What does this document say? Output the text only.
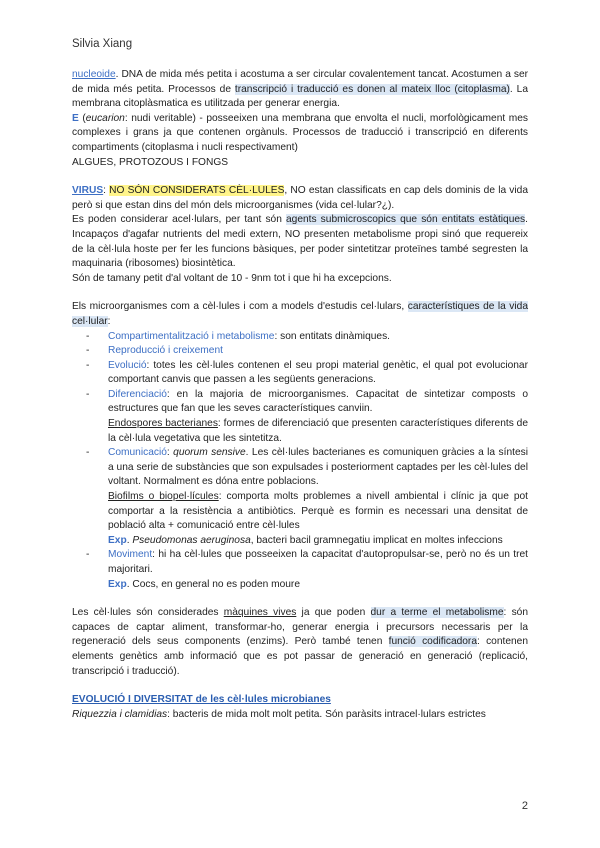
Silvia Xiang

nucleoide. DNA de mida més petita i acostuma a ser circular covalentement tancat. Acostumen a ser de mida més petita. Processos de transcripció i traducció es donen al mateix lloc (citoplasma). La membrana citoplàsmatica es utilitzada per generar energia.

E (eucarion: nudi veritable) - posseeixen una membrana que envolta el nucli, morfològicament mes complexes i grans ja que contenen orgànuls. Processos de traducció i transcripció en diferents compartiments (citoplasma i nucli respectivament)

ALGUES, PROTOZOUS I FONGS

VIRUS: NO SÓN CONSIDERATS CÈL·LULES, NO estan classificats en cap dels dominis de la vida però si que estan dins del món dels microorganismes (vida cel·lular?¿).

Es poden considerar acel·lulars, per tant són agents submicroscopics que són entitats estàtiques. Incapaços d'agafar nutrients del medi extern, NO presenten metabolisme propi sinó que requereix de la cèl·lula hoste per fer les funcions bàsiques, per poder sintetitzar proteïnes també segresten la maquinaria (ribosomes) biosintètica.

Són de tamany petit d'al voltant de 10 - 9nm tot i que hi ha excepcions.

Els microorganismes com a cèl·lules i com a models d'estudis cel·lulars, característiques de la vida cel·lular:

- Compartimentalització i metabolisme: son entitats dinàmiques.
- Reproducció i creixement
- Evolució: totes les cèl·lules contenen el seu propi material genètic, el qual pot evolucionar comportant canvis que passen a les següents generacions.
- Diferenciació: en la majoria de microorganismes. Capacitat de sintetizar composts o estructures que fan que les seves característiques canviin.

Endospores bacterianes: formes de diferenciació que presenten característiques diferents de la cèl·lula vegetativa que les sintetitza.

- Comunicació: quorum sensive. Les cèl·lules bacterianes es comuniquen gràcies a la síntesi a una serie de substàncies que son expulsades i posteriorment captades per les cèl·lules del voltant. Normalment es dóna entre poblacions.

Biofilms o biopel·lícules: comporta molts problemes a nivell ambiental i clínic ja que pot comportar a la resistència a antibiòtics. Perquè es formin es necessari una densitat de població alta + comunicació entre cèl·lules

Exp. Pseudomonas aeruginosa, bacteri bacil gramnegatiu implicat en moltes infeccions

- Moviment: hi ha cèl·lules que posseeixen la capacitat d'autopropulsar-se, però no és un tret majoritari.

Exp. Cocs, en general no es poden moure

Les cèl·lules són considerades màquines vives ja que poden dur a terme el metabolisme: són capaces de captar aliment, transformar-ho, generar energia i precursors necessaris per la regeneració dels seus components (enzims). Però també tenen funció codificadora: contenen elements genètics amb informació que es pot passar de generació en generació (replicació, transcripció i traducció).

EVOLUCIÓ I DIVERSITAT de les cèl·lules microbianes

Riquezzia i clamidias: bacteris de mida molt molt petita. Són paràsits intracel·lulars estrictes

2
